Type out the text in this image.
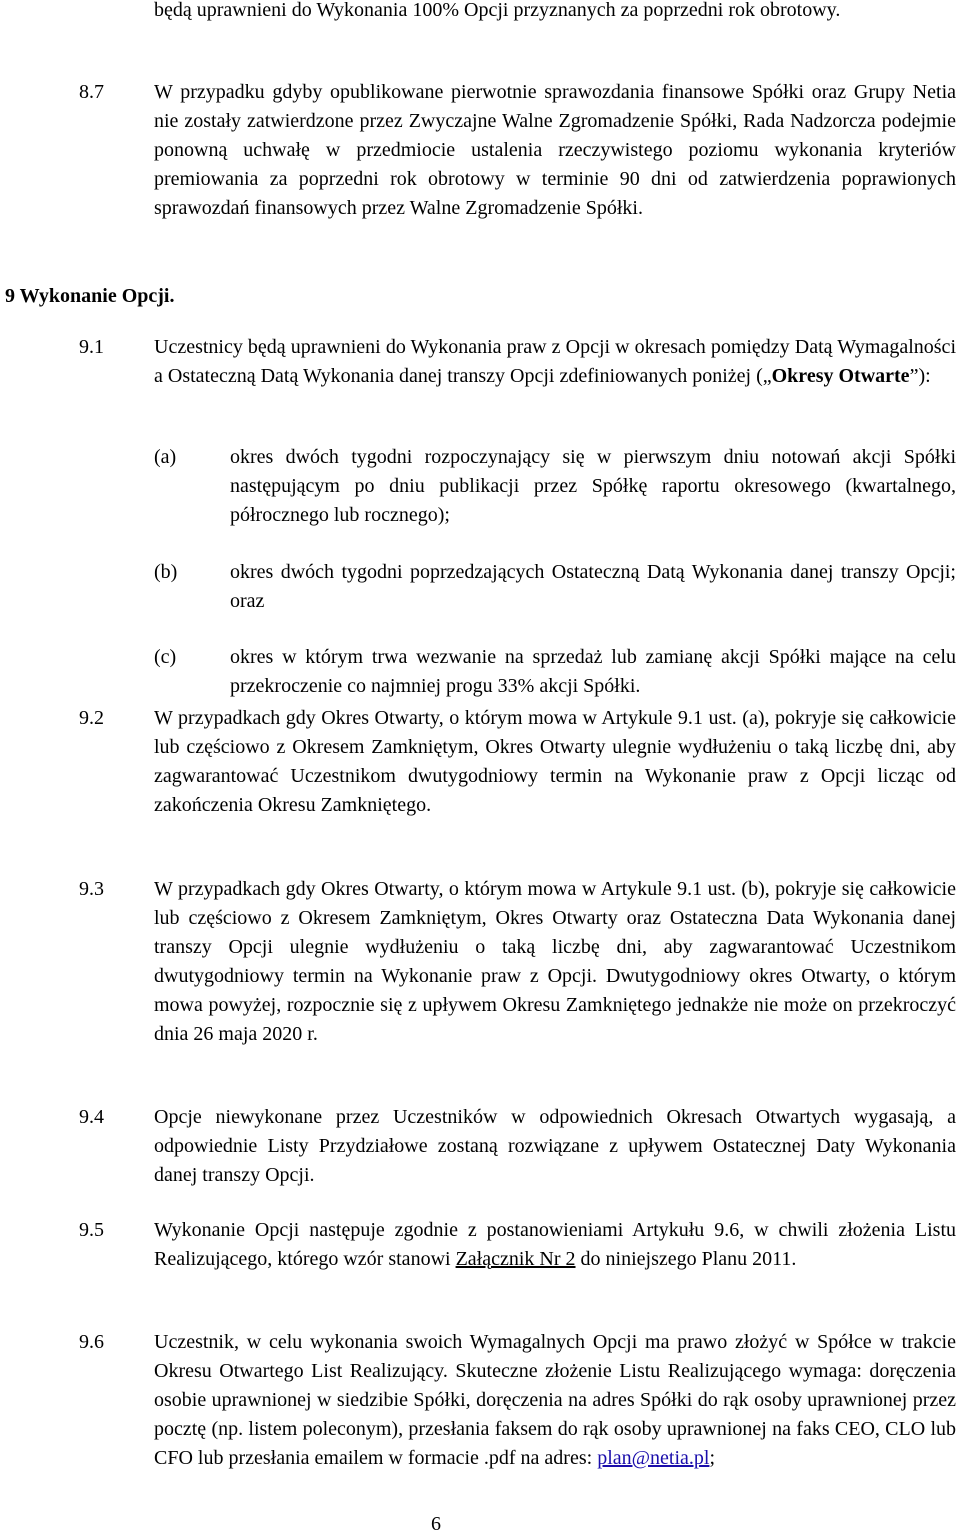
będą uprawnieni do Wykonania 100% Opcji przyznanych za poprzedni rok obrotowy.
8.7	W przypadku gdyby opublikowane pierwotnie sprawozdania finansowe Spółki oraz Grupy Netia nie zostały zatwierdzone przez Zwyczajne Walne Zgromadzenie Spółki, Rada Nadzorcza podejmie ponowną uchwałę w przedmiocie ustalenia rzeczywistego poziomu wykonania kryteriów premiowania za poprzedni rok obrotowy w terminie 90 dni od zatwierdzenia poprawionych sprawozdań finansowych przez Walne Zgromadzenie Spółki.
9 Wykonanie Opcji.
9.1	Uczestnicy będą uprawnieni do Wykonania praw z Opcji w okresach pomiędzy Datą Wymagalności a Ostateczną Datą Wykonania danej transzy Opcji zdefiniowanych poniżej („Okresy Otwarte”):
(a)	okres dwóch tygodni rozpoczynający się w pierwszym dniu notowań akcji Spółki następującym po dniu publikacji przez Spółkę raportu okresowego (kwartalnego, półrocznego lub rocznego);
(b)	okres dwóch tygodni poprzedzających Ostateczną Datą Wykonania danej transzy Opcji; oraz
(c)	okres w którym trwa wezwanie na sprzedaż lub zamianę akcji Spółki mające na celu przekroczenie co najmniej progu 33% akcji Spółki.
9.2	W przypadkach gdy Okres Otwarty, o którym mowa w Artykule 9.1 ust. (a), pokryje się całkowicie lub częściowo z Okresem Zamkniętym, Okres Otwarty ulegnie wydłużeniu o taką liczbę dni, aby zagwarantować Uczestnikom dwutygodniowy termin na Wykonanie praw z Opcji licząc od zakończenia Okresu Zamkniętego.
9.3	W przypadkach gdy Okres Otwarty, o którym mowa w Artykule 9.1 ust. (b), pokryje się całkowicie lub częściowo z Okresem Zamkniętym, Okres Otwarty oraz Ostateczna Data Wykonania danej transzy Opcji ulegnie wydłużeniu o taką liczbę dni, aby zagwarantować Uczestnikom dwutygodniowy termin na Wykonanie praw z Opcji. Dwutygodniowy okres Otwarty, o którym mowa powyżej, rozpocznie się z upływem Okresu Zamkniętego jednakże nie może on przekroczyć dnia 26 maja 2020 r.
9.4	Opcje niewykonane przez Uczestników w odpowiednich Okresach Otwartych wygasają, a odpowiednie Listy Przydziałowe zostaną rozwiązane z upływem Ostatecznej Daty Wykonania danej transzy Opcji.
9.5	Wykonanie Opcji następuje zgodnie z postanowieniami Artykułu 9.6, w chwili złożenia Listu Realizującego, którego wzór stanowi Załącznik Nr 2 do niniejszego Planu 2011.
9.6	Uczestnik, w celu wykonania swoich Wymagalnych Opcji ma prawo złożyć w Spółce w trakcie Okresu Otwartego List Realizujący. Skuteczne złożenie Listu Realizującego wymaga: doręczenia osobie uprawnionej w siedzibie Spółki, doręczenia na adres Spółki do rąk osoby uprawnionej przez pocztę (np. listem poleconym), przesłania faksem do rąk osoby uprawnionej na faks CEO, CLO lub CFO lub przesłania emailem w formacie .pdf na adres: plan@netia.pl;
6
